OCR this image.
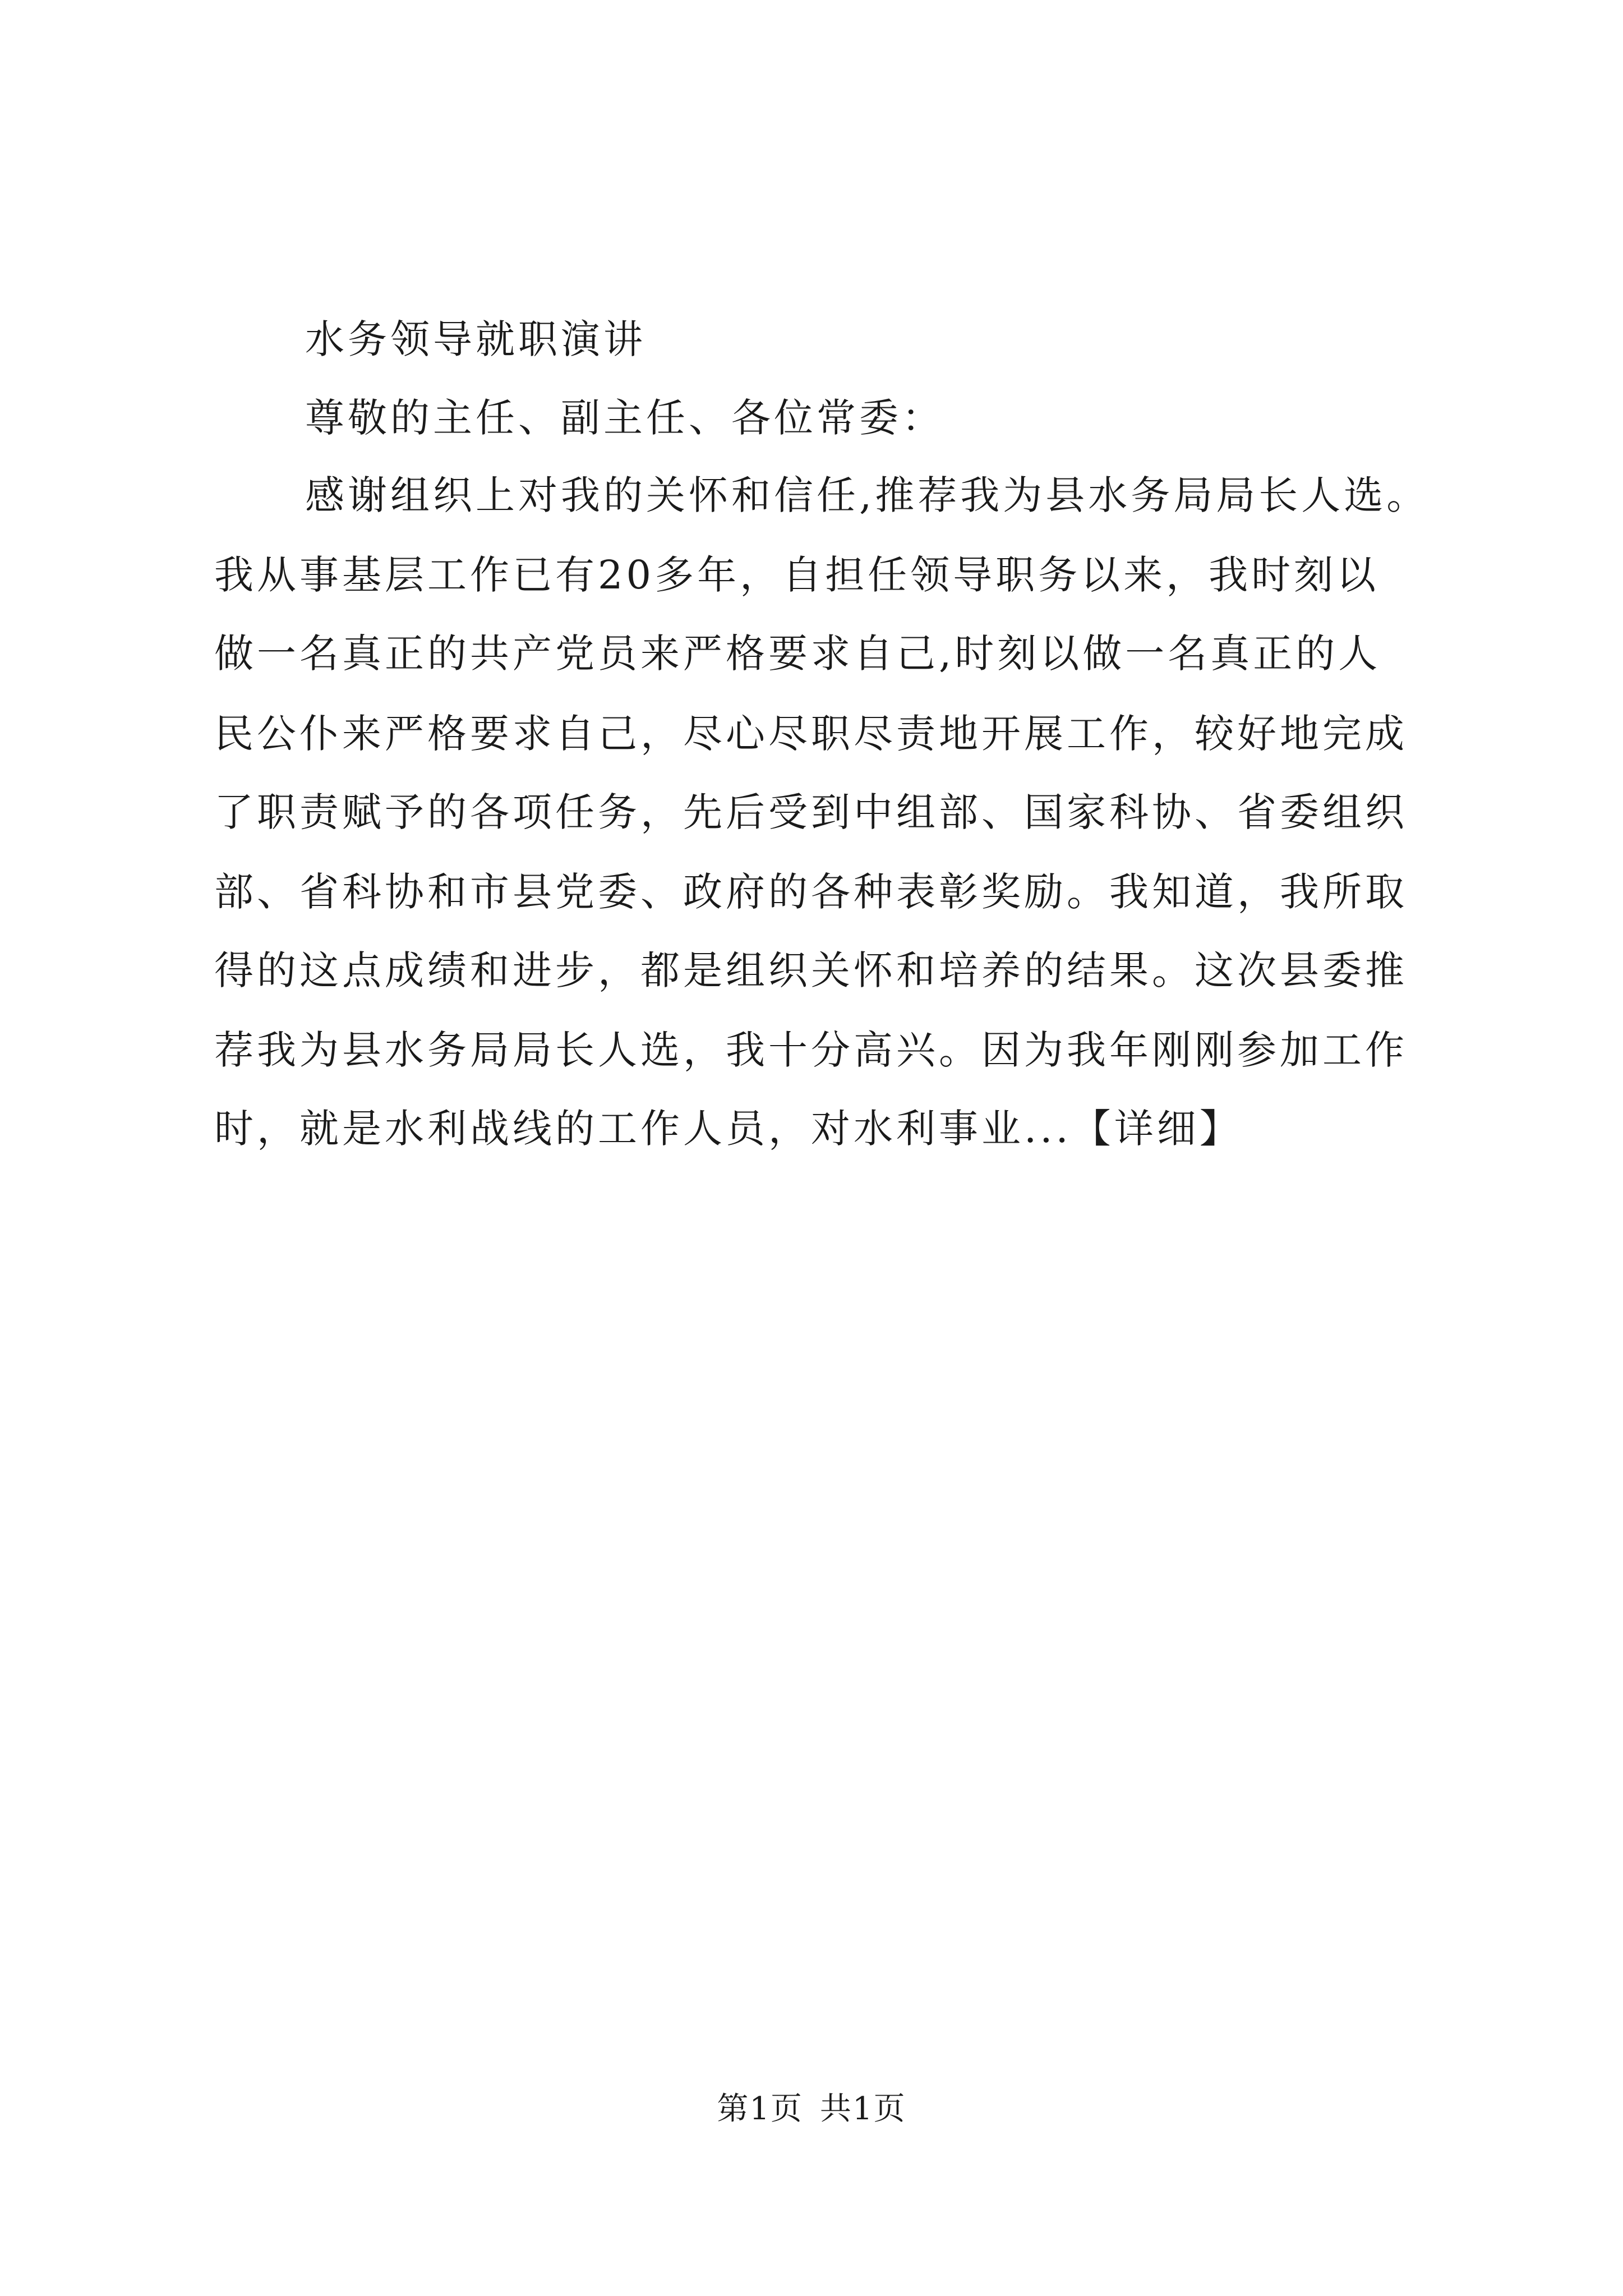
水务领导就职演讲
尊敬的主任、副主任、各位常委：
感谢组织上对我的关怀和信任,推荐我为县水务局局长人选。
我从事基层工作已有20多年，自担任领导职务以来，我时刻以
做一名真正的共产党员来严格要求自己,时刻以做一名真正的人
民公仆来严格要求自己，尽心尽职尽责地开展工作，较好地完成
了职责赋予的各项任务，先后受到中组部、国家科协、省委组织
部、省科协和市县党委、政府的各种表彰奖励。我知道，我所取
得的这点成绩和进步，都是组织关怀和培养的结果。这次县委推
荐我为县水务局局长人选，我十分高兴。因为我年刚刚参加工作
时，就是水利战线的工作人员，对水利事业...【详细】
第1页 共1页
